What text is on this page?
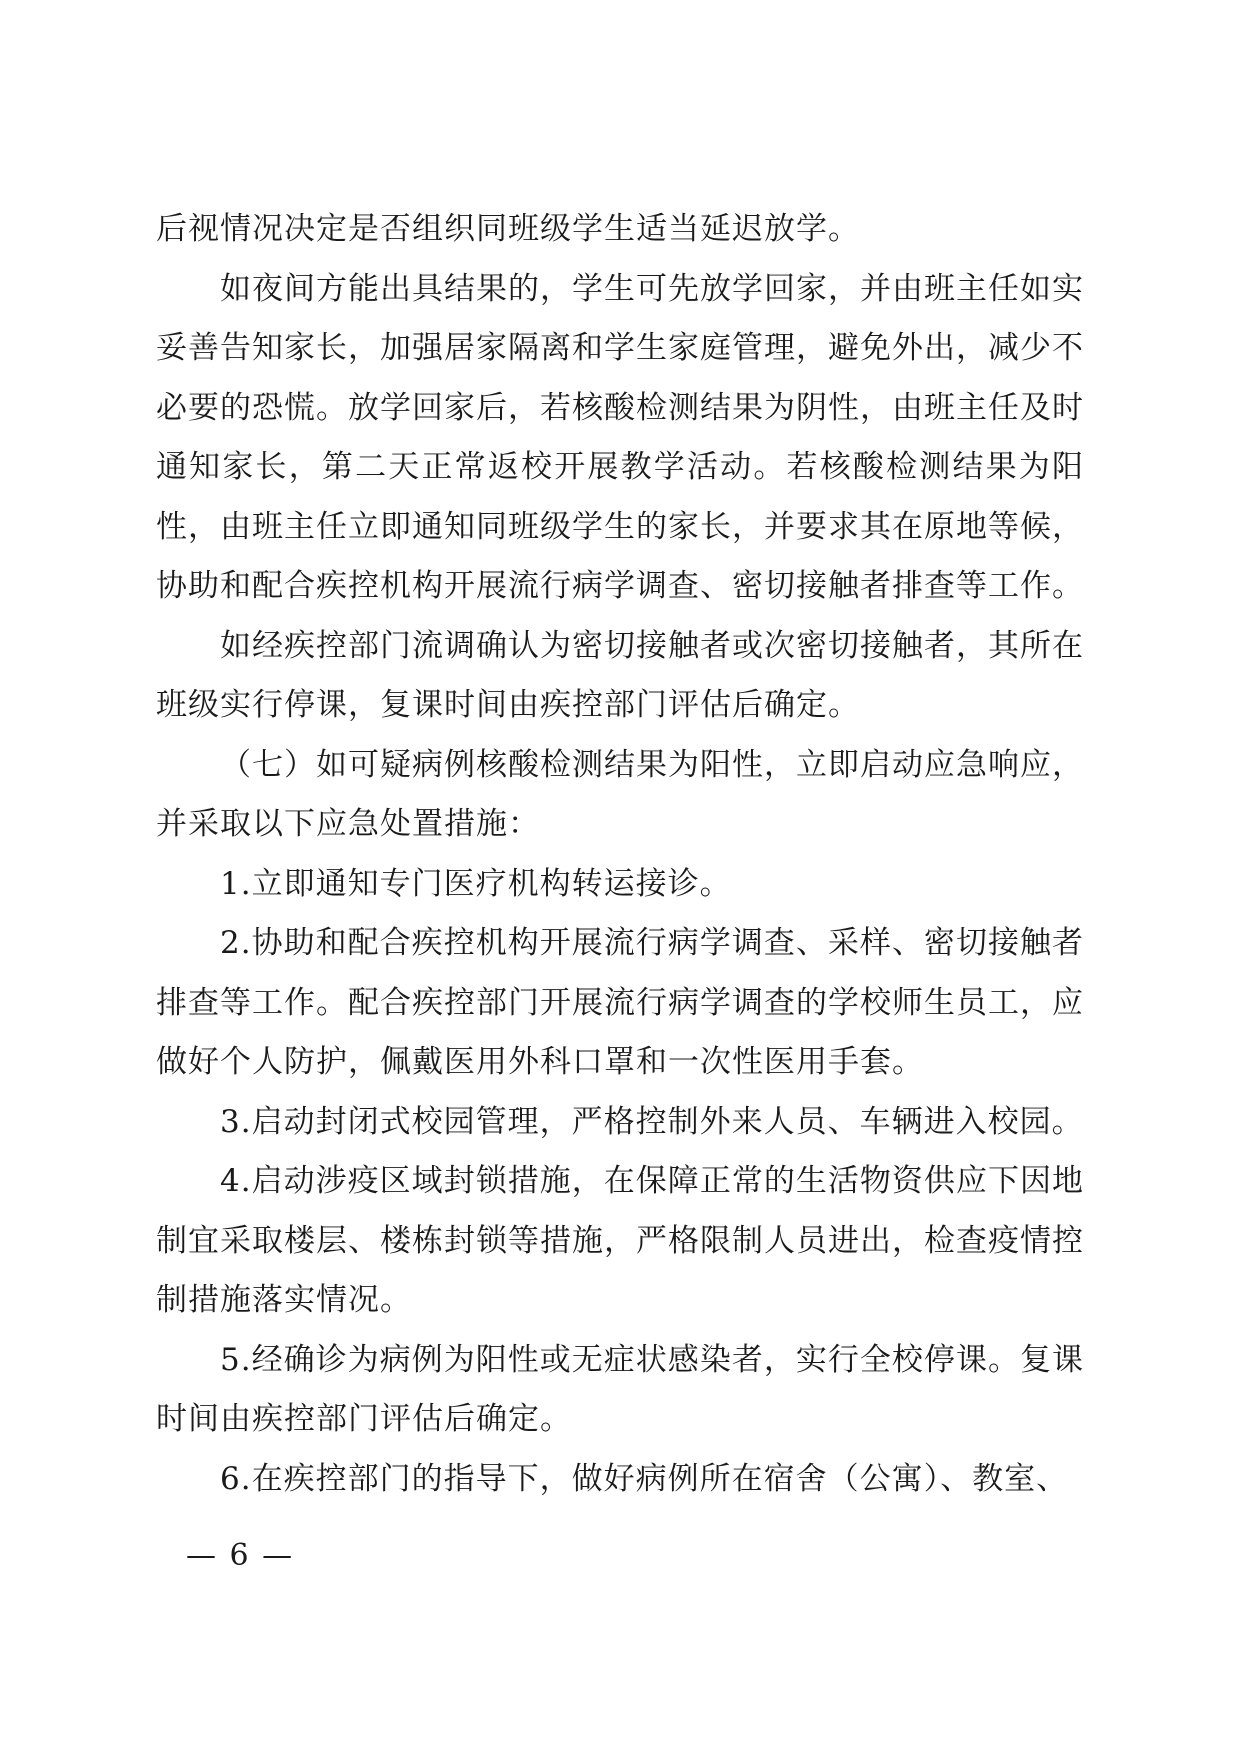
后视情况决定是否组织同班级学生适当延迟放学。

如夜间方能出具结果的，学生可先放学回家，并由班主任如实妥善告知家长，加强居家隔离和学生家庭管理，避免外出，减少不必要的恐慌。放学回家后，若核酸检测结果为阴性，由班主任及时通知家长，第二天正常返校开展教学活动。若核酸检测结果为阳性，由班主任立即通知同班级学生的家长，并要求其在原地等候，协助和配合疾控机构开展流行病学调查、密切接触者排查等工作。

如经疾控部门流调确认为密切接触者或次密切接触者，其所在班级实行停课，复课时间由疾控部门评估后确定。

（七）如可疑病例核酸检测结果为阳性，立即启动应急响应，并采取以下应急处置措施：

1.立即通知专门医疗机构转运接诊。

2.协助和配合疾控机构开展流行病学调查、采样、密切接触者排查等工作。配合疾控部门开展流行病学调查的学校师生员工，应做好个人防护，佩戴医用外科口罩和一次性医用手套。

3.启动封闭式校园管理，严格控制外来人员、车辆进入校园。

4.启动涉疫区域封锁措施，在保障正常的生活物资供应下因地制宜采取楼层、楼栋封锁等措施，严格限制人员进出，检查疫情控制措施落实情况。

5.经确诊为病例为阳性或无症状感染者，实行全校停课。复课时间由疾控部门评估后确定。

6.在疾控部门的指导下，做好病例所在宿舍（公寓）、教室、

— 6 —
